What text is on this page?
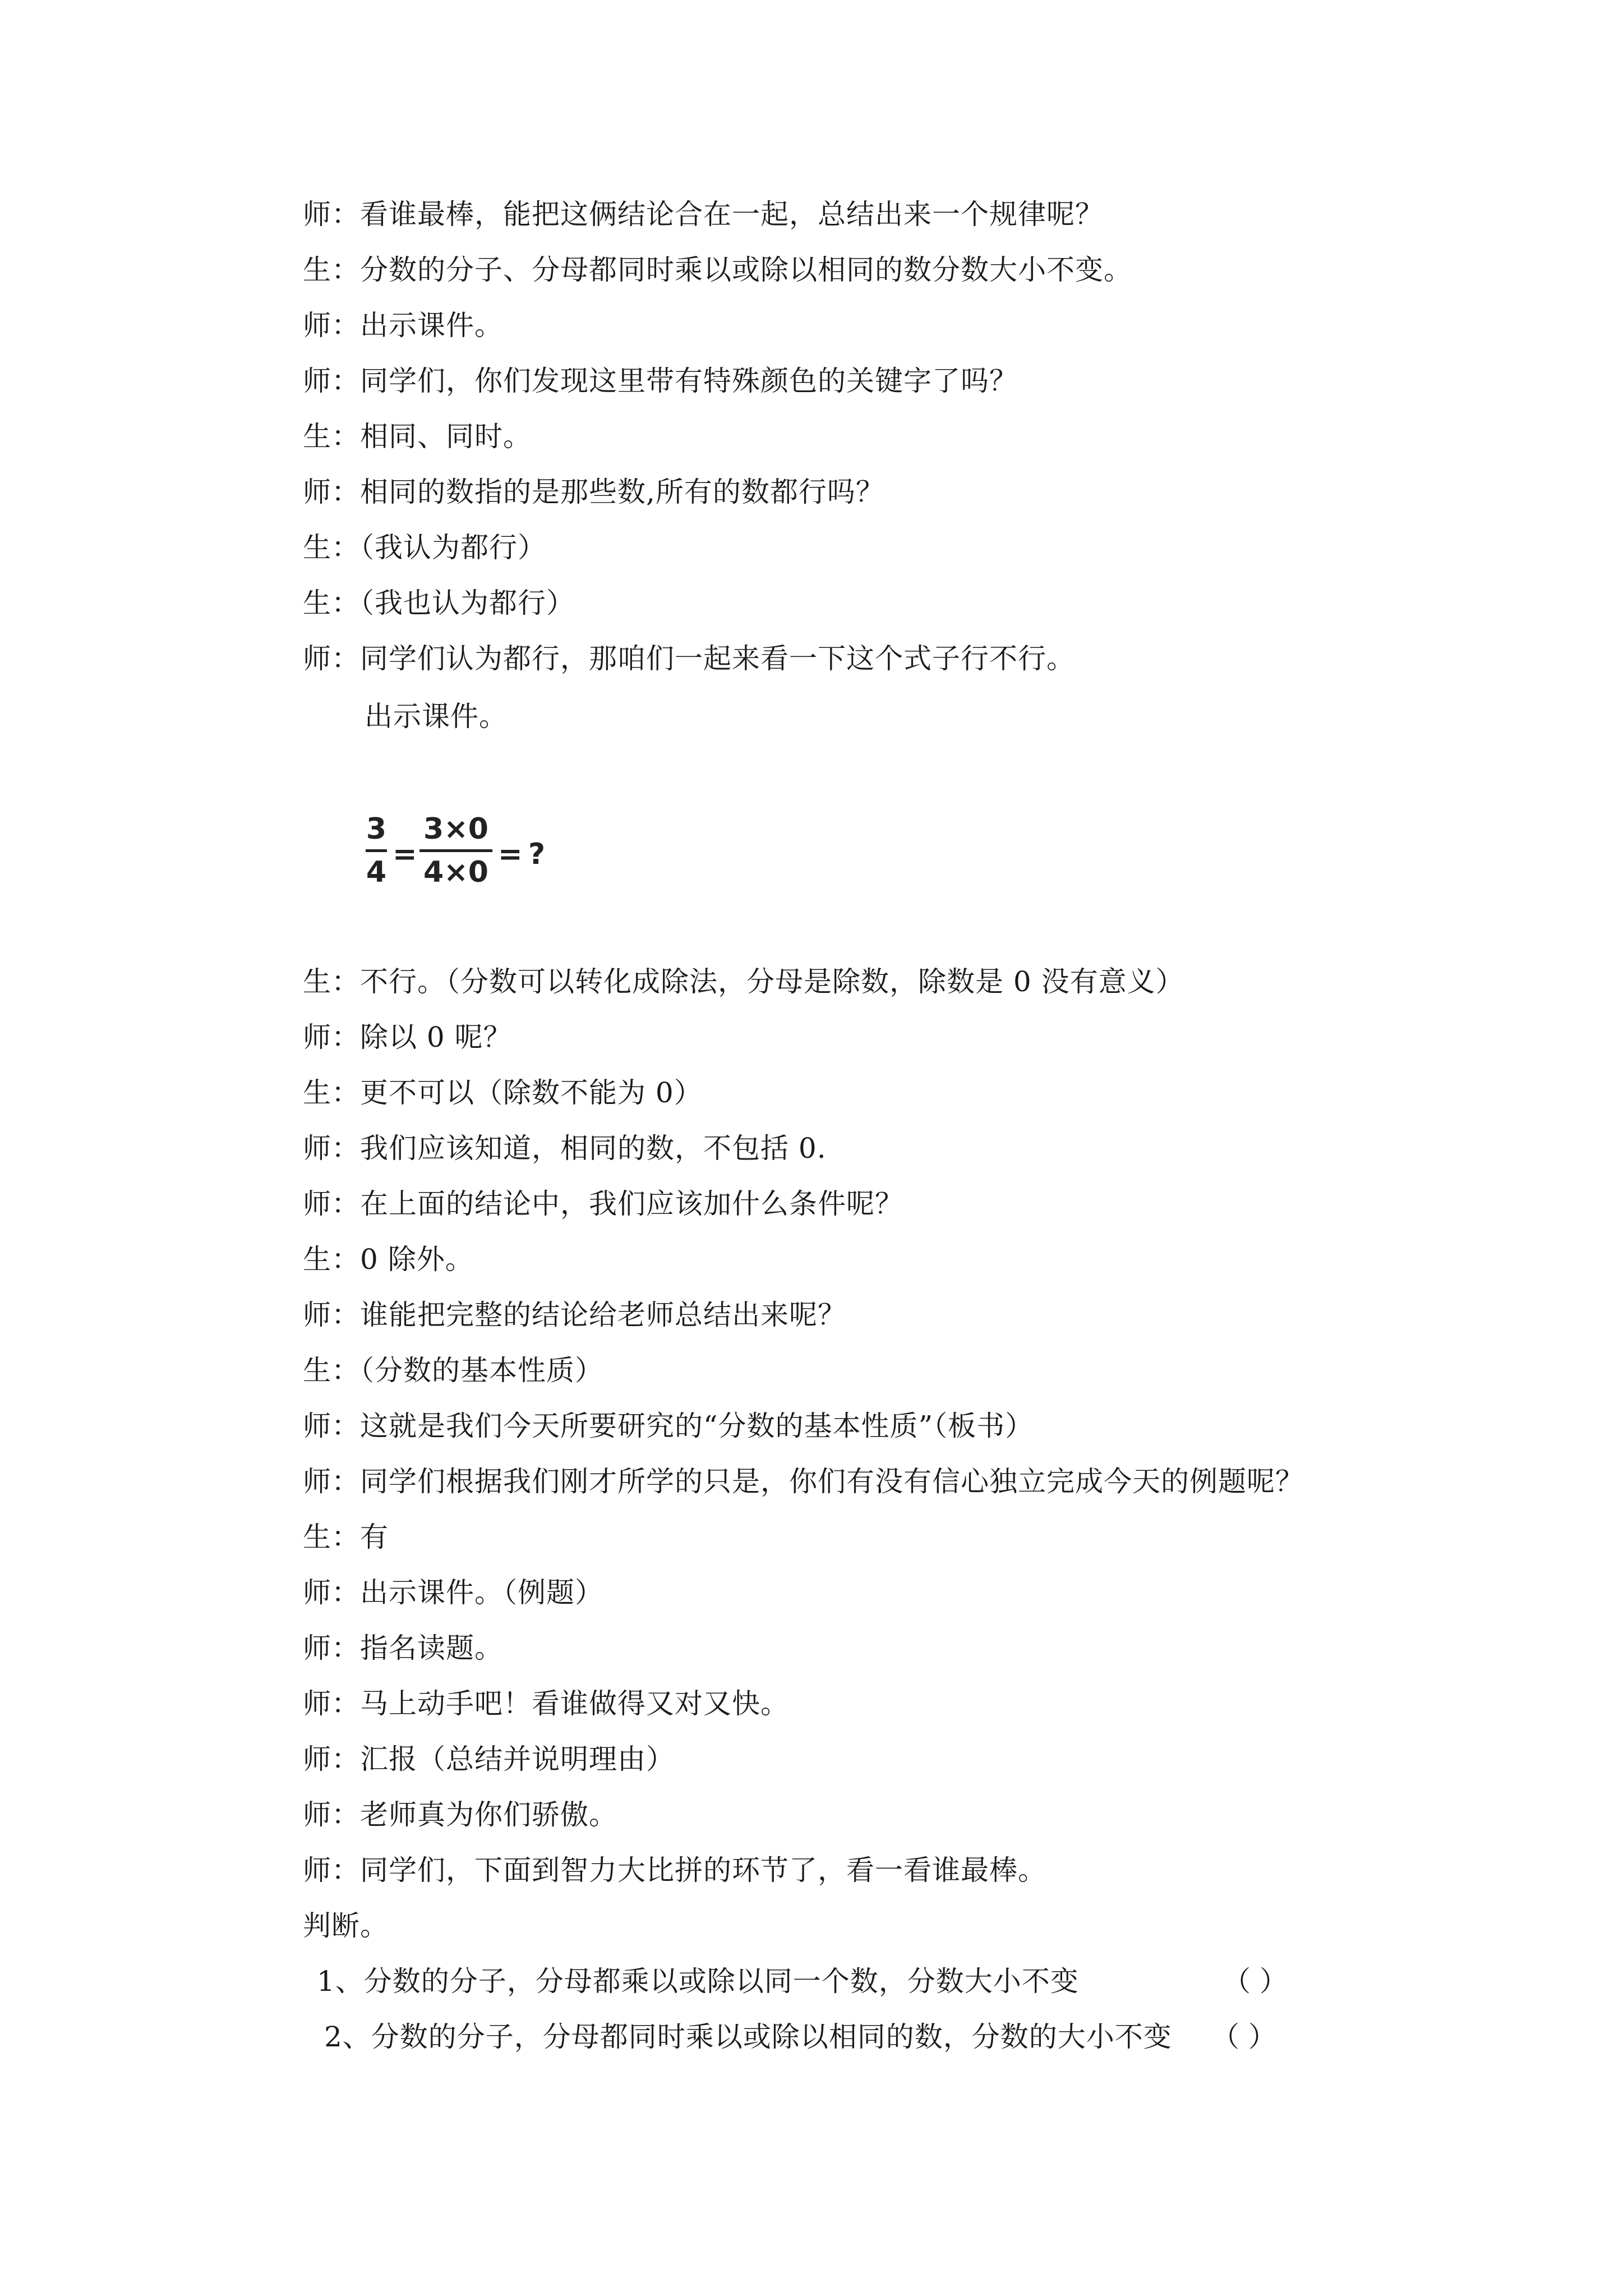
师：看谁最棒，能把这俩结论合在一起，总结出来一个规律呢？
生：分数的分子、分母都同时乘以或除以相同的数分数大小不变。
师：出示课件。
师：同学们，你们发现这里带有特殊颜色的关键字了吗？
生：相同、同时。
师：相同的数指的是那些数,所有的数都行吗？
生：（我认为都行）
生：（我也认为都行）
师：同学们认为都行，那咱们一起来看一下这个式子行不行。
出示课件。
3
4
=
3×0
4×0
= ?
生：不行。（分数可以转化成除法，分母是除数，除数是 0 没有意义）
师：除以 0 呢？
生：更不可以（除数不能为 0）
师：我们应该知道，相同的数，不包括 0.
师：在上面的结论中，我们应该加什么条件呢？
生：0 除外。
师：谁能把完整的结论给老师总结出来呢？
生：（分数的基本性质）
师：这就是我们今天所要研究的“分数的基本性质”（板书）
师：同学们根据我们刚才所学的只是，你们有没有信心独立完成今天的例题呢？
生：有
师：出示课件。（例题）
师：指名读题。
师：马上动手吧！看谁做得又对又快。
师：汇报（总结并说明理由）
师：老师真为你们骄傲。
师：同学们，下面到智力大比拼的环节了，看一看谁最棒。
判断。
1、分数的分子，分母都乘以或除以同一个数，分数大小不变	（ ）
2、分数的分子，分母都同时乘以或除以相同的数，分数的大小不变 （ ）
